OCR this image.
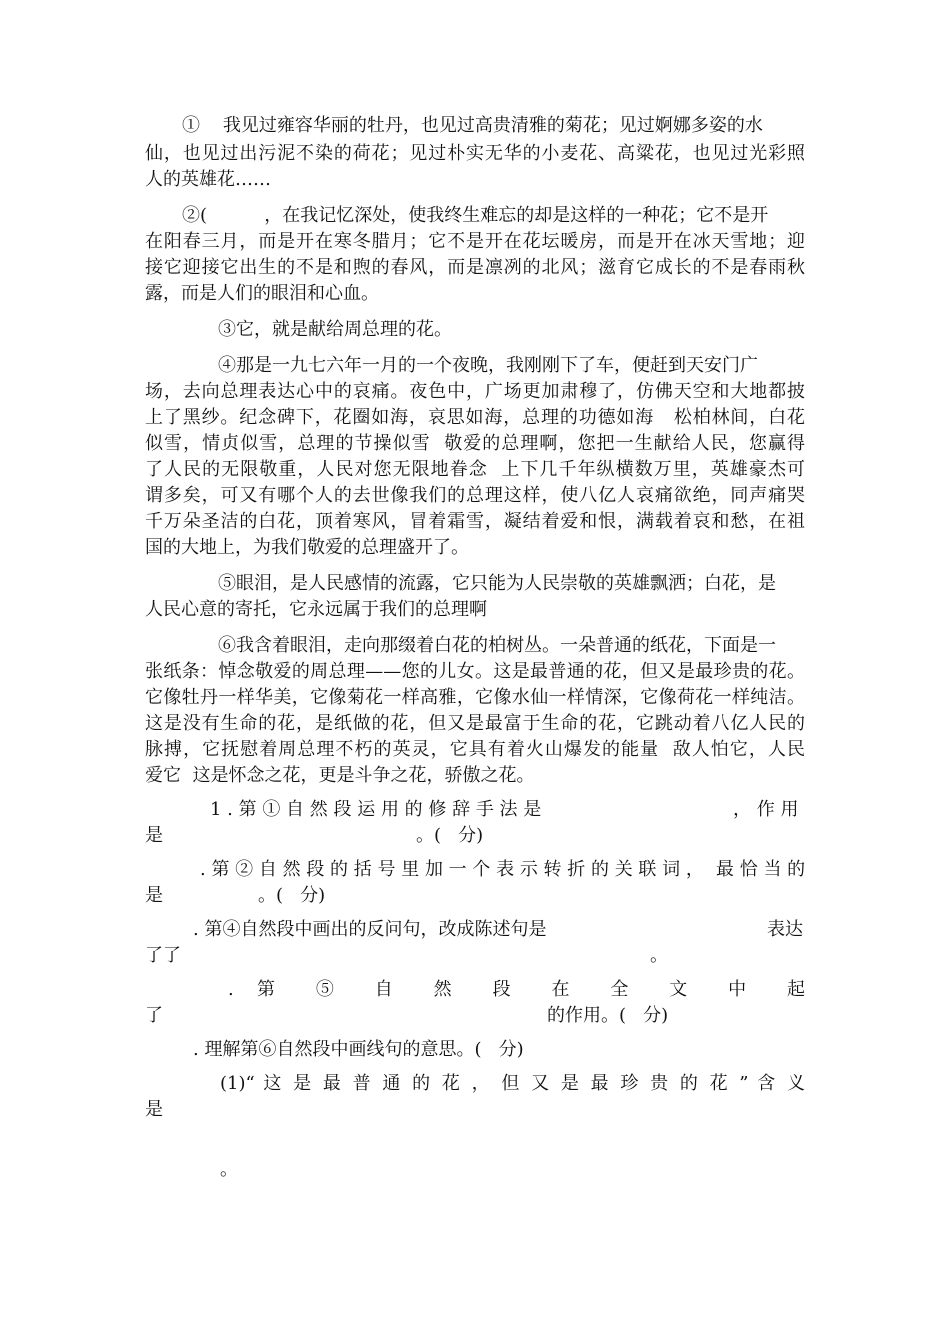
①    我见过雍容华丽的牡丹，也见过高贵清雅的菊花；见过婀娜多姿的水
仙，也见过出污泥不染的荷花；见过朴实无华的小麦花、高粱花，也见过光彩照
人的英雄花……
②(          ，在我记忆深处，使我终生难忘的却是这样的一种花；它不是开
在阳春三月，而是开在寒冬腊月；它不是开在花坛暖房，而是开在冰天雪地；迎
接它迎接它出生的不是和煦的春风，而是凛冽的北风；滋育它成长的不是春雨秋
露，而是人们的眼泪和心血。
③它，就是献给周总理的花。
④那是一九七六年一月的一个夜晚，我刚刚下了车，便赶到天安门广
场，去向总理表达心中的哀痛。夜色中，广场更加肃穆了，仿佛天空和大地都披
上了黑纱。纪念碑下，花圈如海，哀思如海，总理的功德如海   松柏林间，白花
似雪，情贞似雪，总理的节操似雪  敬爱的总理啊，您把一生献给人民，您赢得
了人民的无限敬重，人民对您无限地眷念  上下几千年纵横数万里，英雄豪杰可
谓多矣，可又有哪个人的去世像我们的总理这样，使八亿人哀痛欲绝，同声痛哭
千万朵圣洁的白花，顶着寒风，冒着霜雪，凝结着爱和恨，满载着哀和愁，在祖
国的大地上，为我们敬爱的总理盛开了。
⑤眼泪，是人民感情的流露，它只能为人民崇敬的英雄飘洒；白花，是
人民心意的寄托，它永远属于我们的总理啊
⑥我含着眼泪，走向那缀着白花的柏树丛。一朵普通的纸花，下面是一
张纸条：悼念敬爱的周总理——您的儿女。这是最普通的花，但又是最珍贵的花。
它像牡丹一样华美，它像菊花一样高雅，它像水仙一样情深，它像荷花一样纯洁。
这是没有生命的花，是纸做的花，但又是最富于生命的花，它跳动着八亿人民的
脉搏，它抚慰着周总理不朽的英灵，它具有着火山爆发的能量  敌人怕它，人民
爱它  这是怀念之花，更是斗争之花，骄傲之花。
1 . 第 ① 自 然 段 运 用 的 修 辞 手 法 是	， 作 用
是	。(   分)
. 第 ② 自 然 段 的 括 号 里 加 一 个 表 示 转 折 的 关 联 词 ， 最 恰 当 的
是	。(   分)
. 第④自然段中画出的反问句，改成陈述句是	表达
了了	。
. 第 ⑤ 自 然 段 在 全 文 中 起
了	的作用。(   分)
. 理解第⑥自然段中画线句的意思。(   分)
(1)“ 这 是 最 普 通 的 花 ， 但 又 是 最 珍 贵 的 花 ” 含 义
是
。
